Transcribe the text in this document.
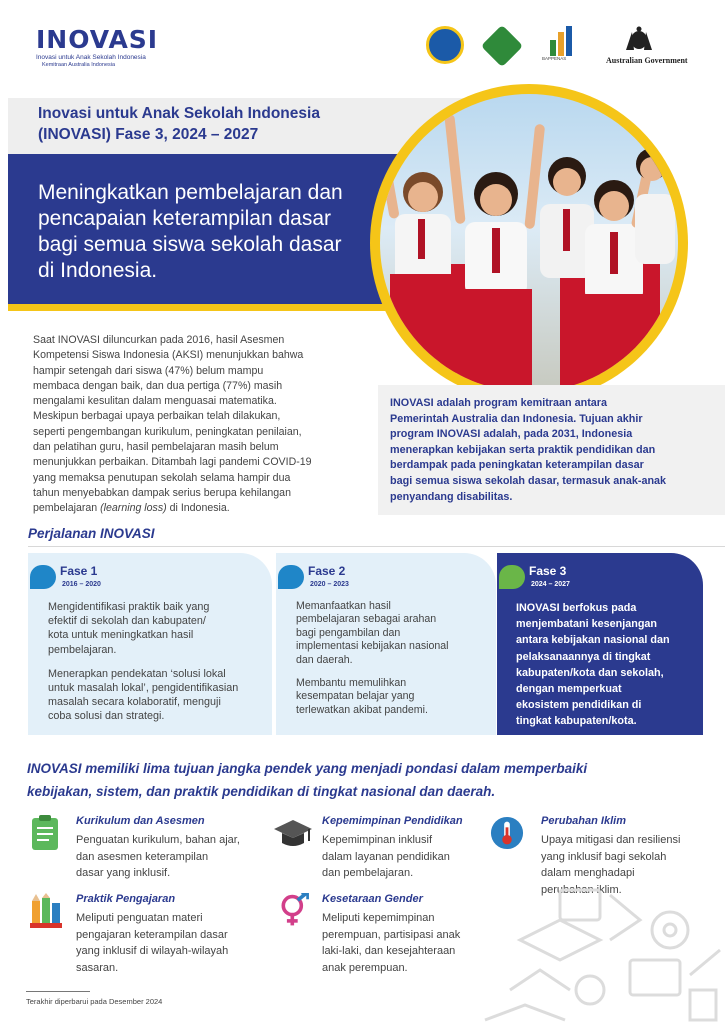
INOVASI
Inovasi untuk Anak Sekolah Indonesia
Kemitraan Australia Indonesia
BAPPENAS	Australian Government
Inovasi untuk Anak Sekolah Indonesia
(INOVASI) Fase 3, 2024 – 2027
Meningkatkan pembelajaran dan
pencapaian keterampilan dasar
bagi semua siswa sekolah dasar
di Indonesia.
Saat INOVASI diluncurkan pada 2016, hasil Asesmen
Kompetensi Siswa Indonesia (AKSI) menunjukkan bahwa
hampir setengah dari siswa (47%) belum mampu
membaca dengan baik, dan dua pertiga (77%) masih
mengalami kesulitan dalam menguasai matematika.
Meskipun berbagai upaya perbaikan telah dilakukan,
seperti pengembangan kurikulum, peningkatan penilaian,
dan pelatihan guru, hasil pembelajaran masih belum
menunjukkan perbaikan. Ditambah lagi pandemi COVID-19
yang memaksa penutupan sekolah selama hampir dua
tahun menyebabkan dampak serius berupa kehilangan
pembelajaran (learning loss) di Indonesia.
INOVASI adalah program kemitraan antara
Pemerintah Australia dan Indonesia. Tujuan akhir
program INOVASI adalah, pada 2031, Indonesia
menerapkan kebijakan serta praktik pendidikan dan
berdampak pada peningkatan keterampilan dasar
bagi semua siswa sekolah dasar, termasuk anak-anak
penyandang disabilitas.
Perjalanan INOVASI
Fase 1
2016 – 2020

Mengidentifikasi praktik baik yang
efektif di sekolah dan kabupaten/
kota untuk meningkatkan hasil
pembelajaran.

Menerapkan pendekatan ‘solusi lokal
untuk masalah lokal’, pengidentifikasian
masalah secara kolaboratif, menguji
coba solusi dan strategi.

Fase 2
2020 – 2023

Memanfaatkan hasil
pembelajaran sebagai arahan
bagi pengambilan dan
implementasi kebijakan nasional
dan daerah.

Membantu memulihkan
kesempatan belajar yang
terlewatkan akibat pandemi.

Fase 3
2024 – 2027
INOVASI berfokus pada
menjembatani kesenjangan
antara kebijakan nasional dan
pelaksanaannya di tingkat
kabupaten/kota dan sekolah,
dengan memperkuat
ekosistem pendidikan di
tingkat kabupaten/kota.
INOVASI memiliki lima tujuan jangka pendek yang menjadi pondasi dalam memperbaiki
kebijakan, sistem, dan praktik pendidikan di tingkat nasional dan daerah.
Kurikulum dan Asesmen
Penguatan kurikulum, bahan ajar,
dan asesmen keterampilan
dasar yang inklusif.
Kepemimpinan Pendidikan
Kepemimpinan inklusif
dalam layanan pendidikan
dan pembelajaran.
Perubahan Iklim
Upaya mitigasi dan resiliensi
yang inklusif bagi sekolah
dalam menghadapi
perubahan iklim.
Praktik Pengajaran
Meliputi penguatan materi
pengajaran keterampilan dasar
yang inklusif di wilayah-wilayah
sasaran.
Kesetaraan Gender
Meliputi kepemimpinan
perempuan, partisipasi anak
laki-laki, dan kesejahteraan
anak perempuan.
Terakhir diperbarui pada Desember 2024
